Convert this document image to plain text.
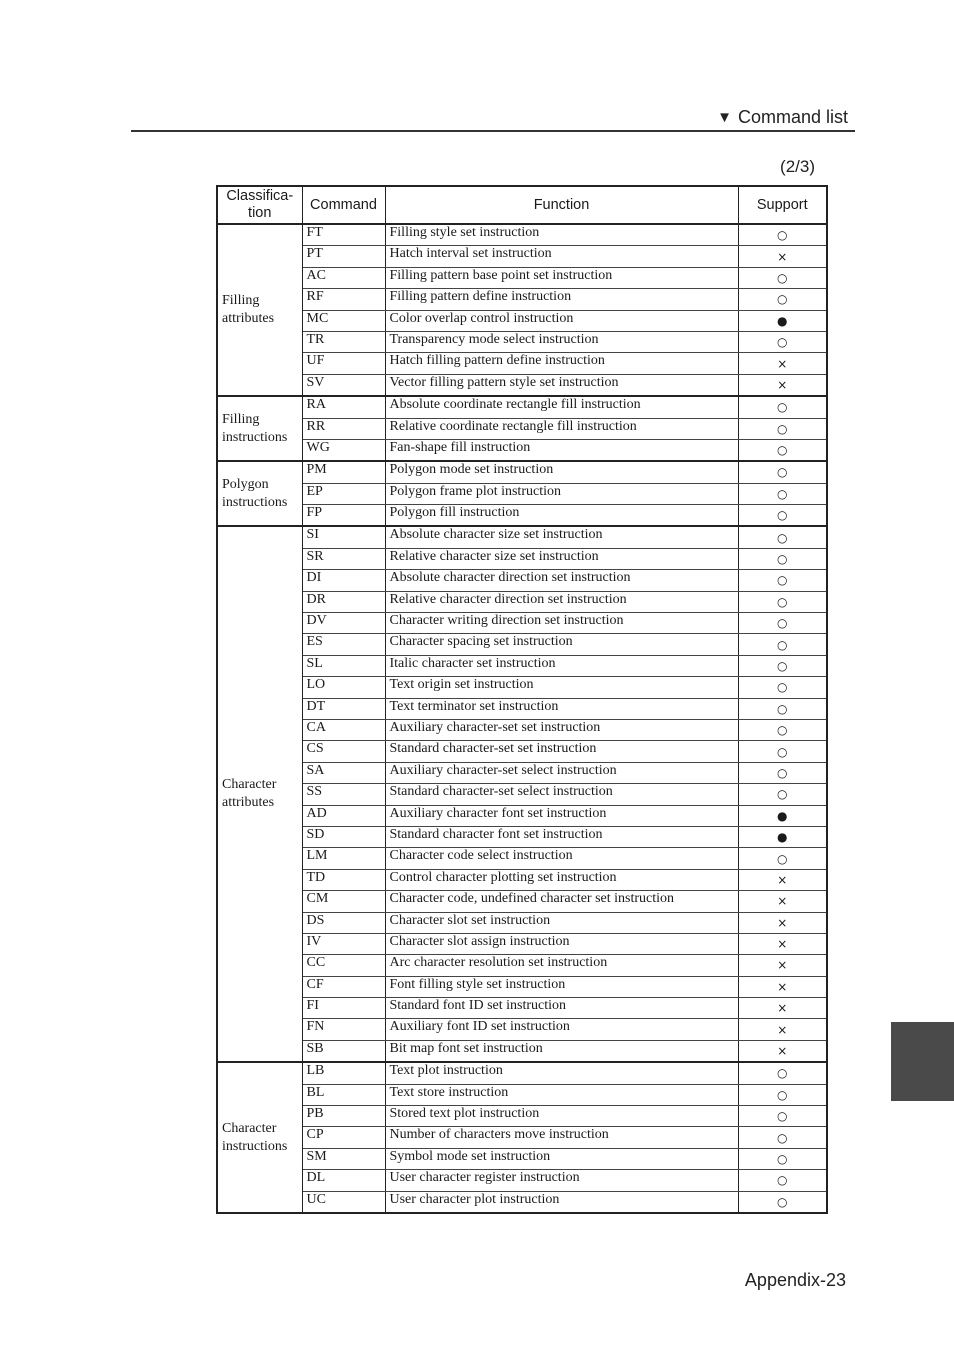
▼ Command list
(2/3)
Classifica-
tion	Command	Function	Support
Filling
attributes	FT	Filling style set instruction	○
	PT	Hatch interval set instruction	×
	AC	Filling pattern base point set instruction	○
	RF	Filling pattern define instruction	○
	MC	Color overlap control instruction	●
	TR	Transparency mode select instruction	○
	UF	Hatch filling pattern define instruction	×
	SV	Vector filling pattern style set instruction	×
Filling
instructions	RA	Absolute coordinate rectangle fill instruction	○
	RR	Relative coordinate rectangle fill instruction	○
	WG	Fan-shape fill instruction	○
Polygon
instructions	PM	Polygon mode set instruction	○
	EP	Polygon frame plot instruction	○
	FP	Polygon fill instruction	○
Character
attributes	SI	Absolute character size set instruction	○
	SR	Relative character size set instruction	○
	DI	Absolute character direction set instruction	○
	DR	Relative character direction set instruction	○
	DV	Character writing direction set instruction	○
	ES	Character spacing set instruction	○
	SL	Italic character set instruction	○
	LO	Text origin set instruction	○
	DT	Text terminator set instruction	○
	CA	Auxiliary character-set set instruction	○
	CS	Standard character-set set instruction	○
	SA	Auxiliary character-set select instruction	○
	SS	Standard character-set select instruction	○
	AD	Auxiliary character font set instruction	●
	SD	Standard character font set instruction	●
	LM	Character code select instruction	○
	TD	Control character plotting set instruction	×
	CM	Character code, undefined character set instruction	×
	DS	Character slot set instruction	×
	IV	Character slot assign instruction	×
	CC	Arc character resolution set instruction	×
	CF	Font filling style set instruction	×
	FI	Standard font ID set instruction	×
	FN	Auxiliary font ID set instruction	×
	SB	Bit map font set instruction	×
Character
instructions	LB	Text plot instruction	○
	BL	Text store instruction	○
	PB	Stored text plot instruction	○
	CP	Number of characters move instruction	○
	SM	Symbol mode set instruction	○
	DL	User character register instruction	○
	UC	User character plot instruction	○
Appendix-23
